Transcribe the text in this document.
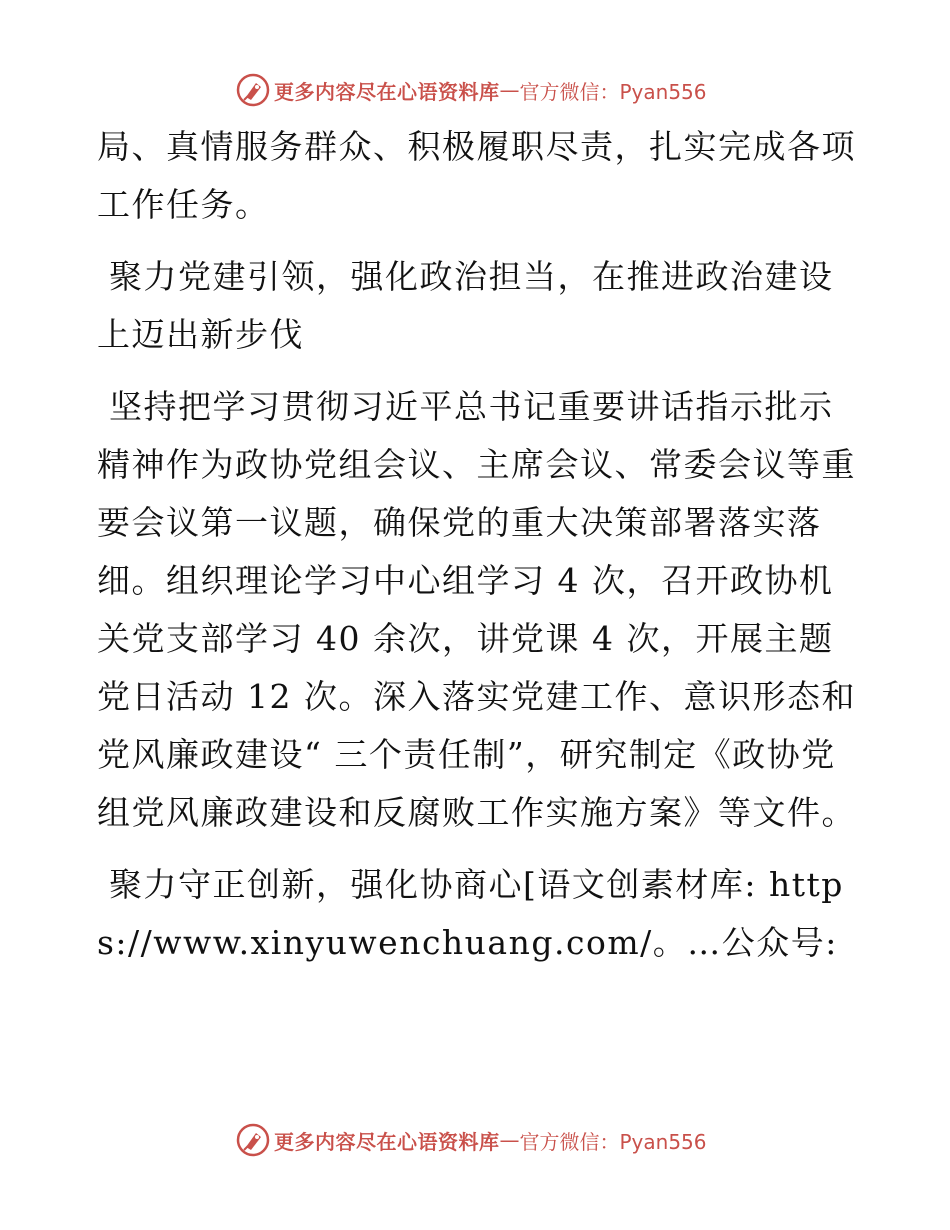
更多内容尽在心语资料库 — 官方微信：Pyan556

局、真情服务群众、积极履职尽责，扎实完成各项工作任务。

聚力党建引领，强化政治担当，在推进政治建设上迈出新步伐

坚持把学习贯彻习近平总书记重要讲话指示批示精神作为政协党组会议、主席会议、常委会议等重要会议第一议题，确保党的重大决策部署落实落细。组织理论学习中心组学习 4 次，召开政协机关党支部学习 40 余次，讲党课 4 次，开展主题党日活动 12 次。深入落实党建工作、意识形态和党风廉政建设“ 三个责任制”，研究制定《政协党组党风廉政建设和反腐败工作实施方案》等文件。

聚力守正创新，强化协商心[语文创素材库: https://www.xinyuwenchuang.com/。…公众号:

更多内容尽在心语资料库 — 官方微信：Pyan556
